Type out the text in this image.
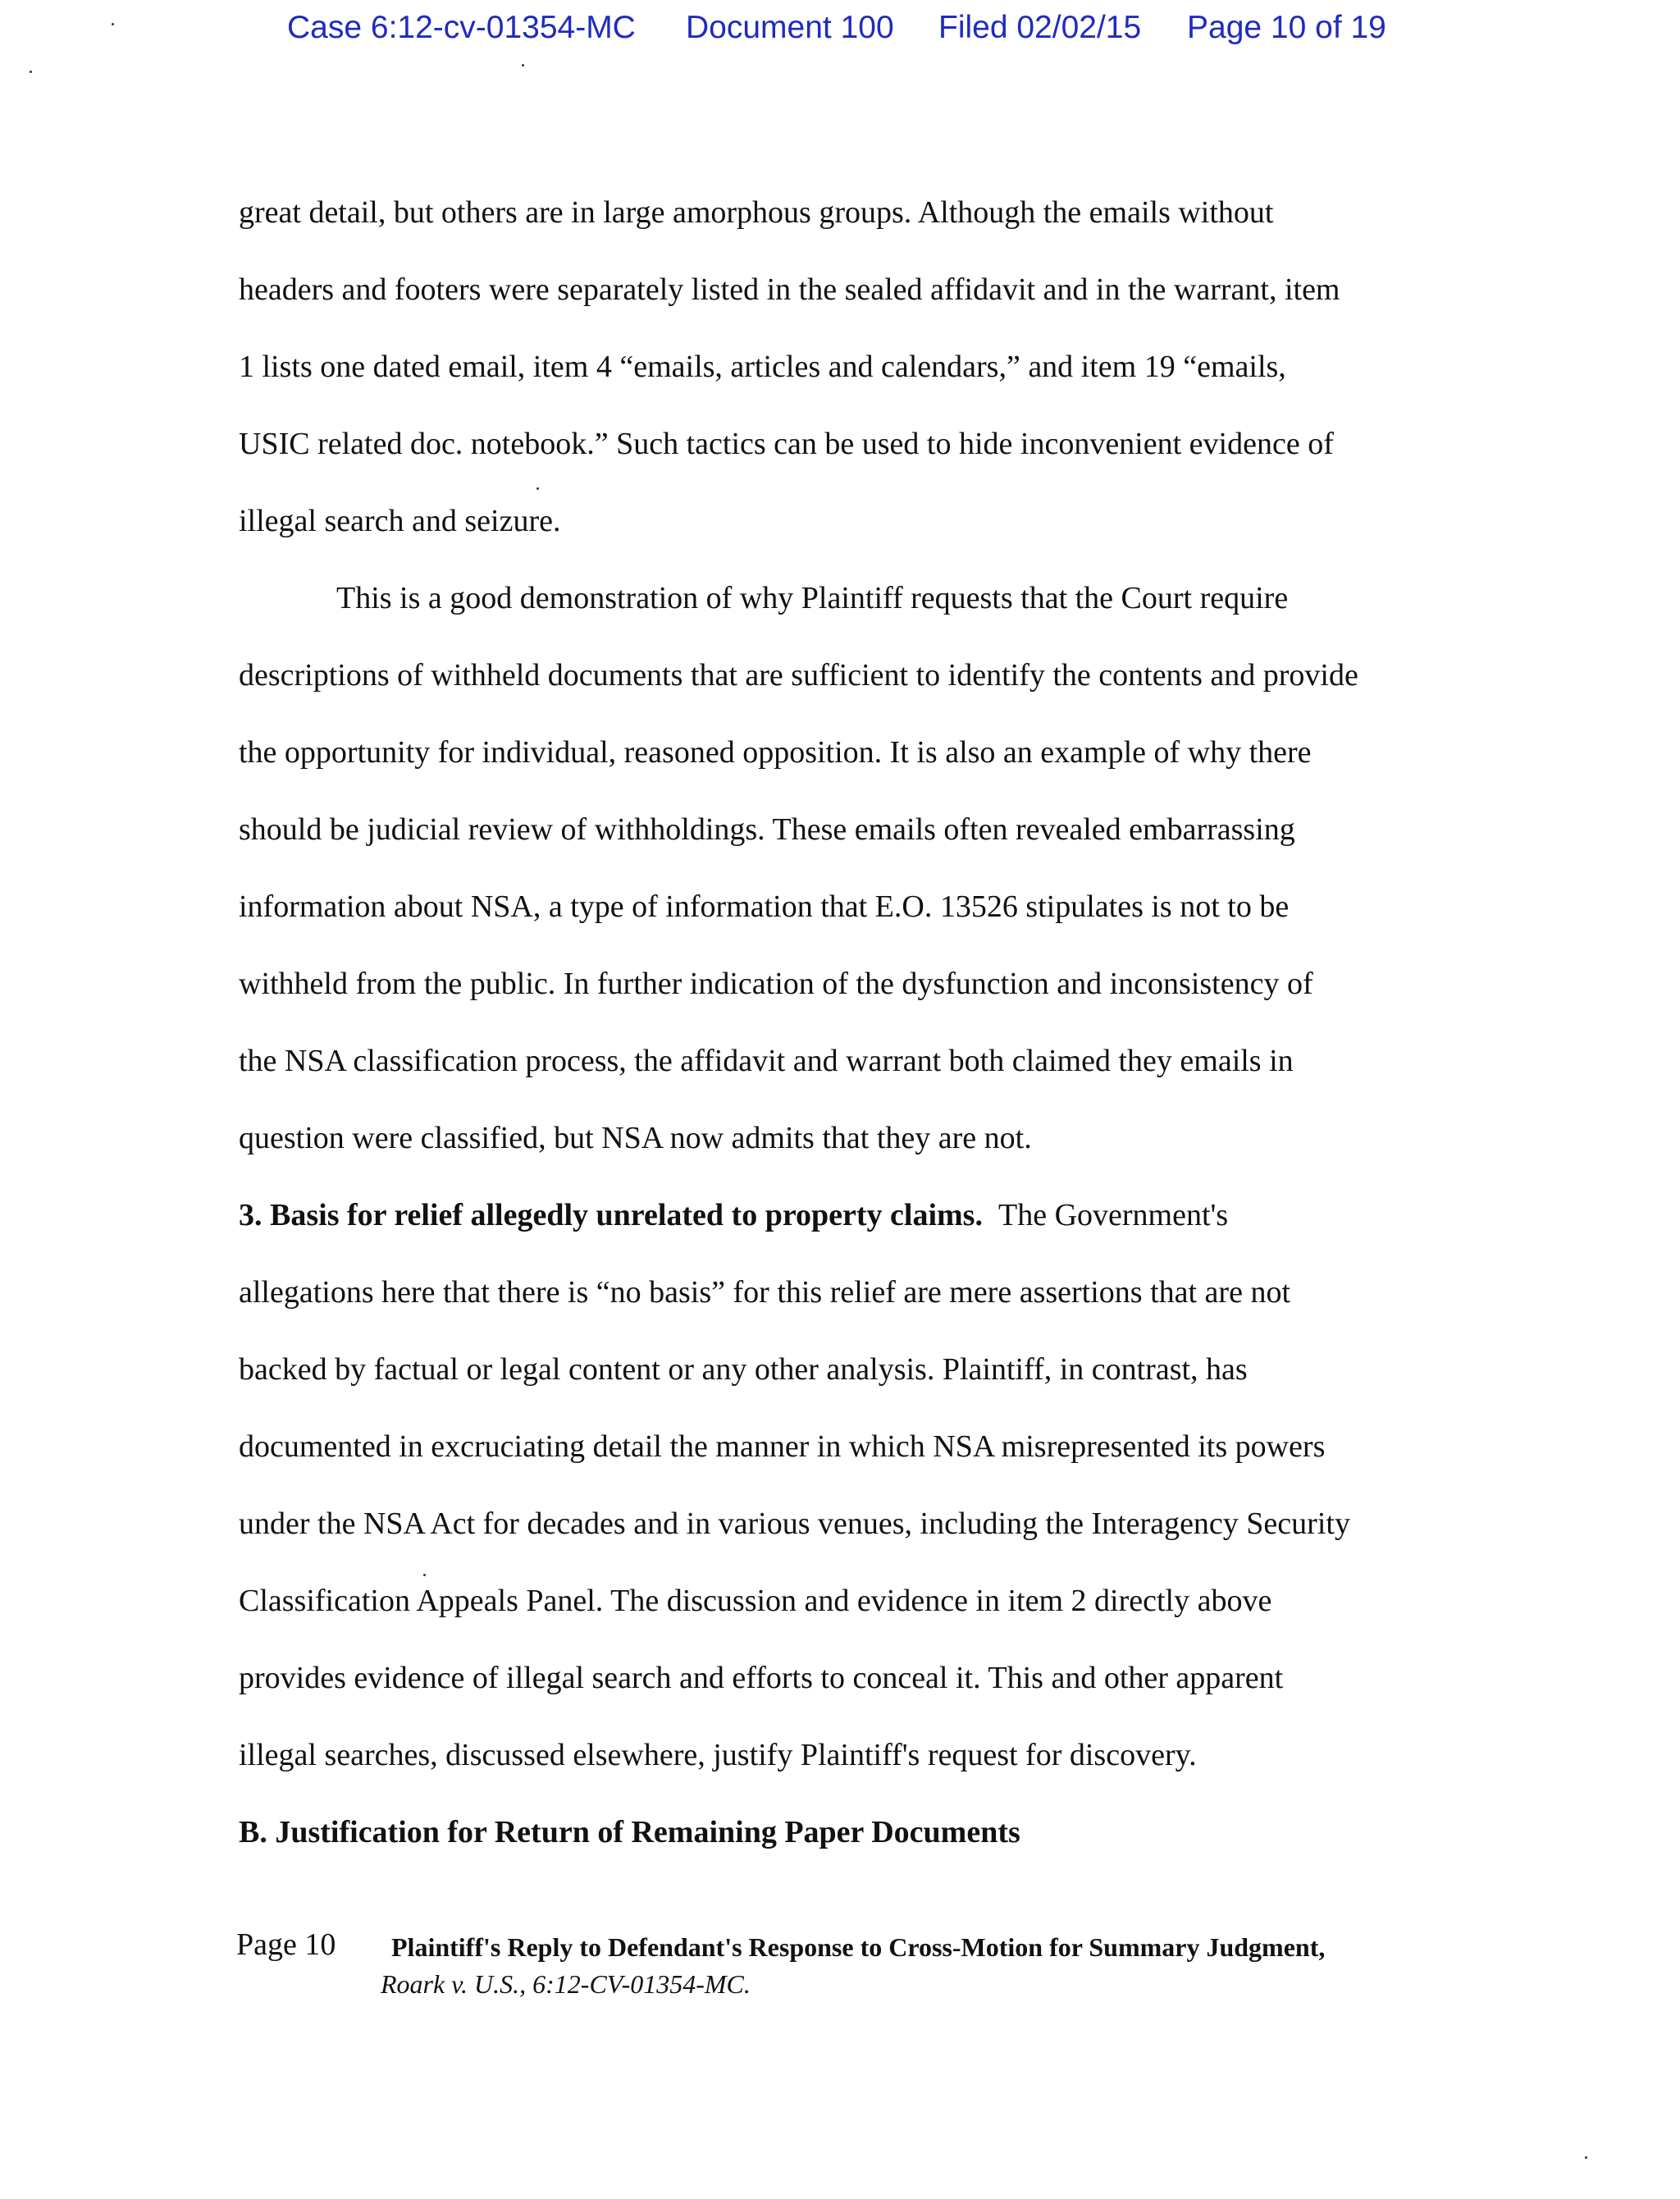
Case 6:12-cv-01354-MC Document 100 Filed 02/02/15 Page 10 of 19
great detail, but others are in large amorphous groups. Although the emails without
headers and footers were separately listed in the sealed affidavit and in the warrant, item
1 lists one dated email, item 4 “emails, articles and calendars,” and item 19 “emails,
USIC related doc. notebook.” Such tactics can be used to hide inconvenient evidence of
illegal search and seizure.
This is a good demonstration of why Plaintiff requests that the Court require
descriptions of withheld documents that are sufficient to identify the contents and provide
the opportunity for individual, reasoned opposition. It is also an example of why there
should be judicial review of withholdings. These emails often revealed embarrassing
information about NSA, a type of information that E.O. 13526 stipulates is not to be
withheld from the public. In further indication of the dysfunction and inconsistency of
the NSA classification process, the affidavit and warrant both claimed they emails in
question were classified, but NSA now admits that they are not.
3. Basis for relief allegedly unrelated to property claims. The Government's
allegations here that there is “no basis” for this relief are mere assertions that are not
backed by factual or legal content or any other analysis. Plaintiff, in contrast, has
documented in excruciating detail the manner in which NSA misrepresented its powers
under the NSA Act for decades and in various venues, including the Interagency Security
Classification Appeals Panel. The discussion and evidence in item 2 directly above
provides evidence of illegal search and efforts to conceal it. This and other apparent
illegal searches, discussed elsewhere, justify Plaintiff's request for discovery.
B. Justification for Return of Remaining Paper Documents
Page 10 Plaintiff's Reply to Defendant's Response to Cross-Motion for Summary Judgment,
Roark v. U.S., 6:12-CV-01354-MC.
